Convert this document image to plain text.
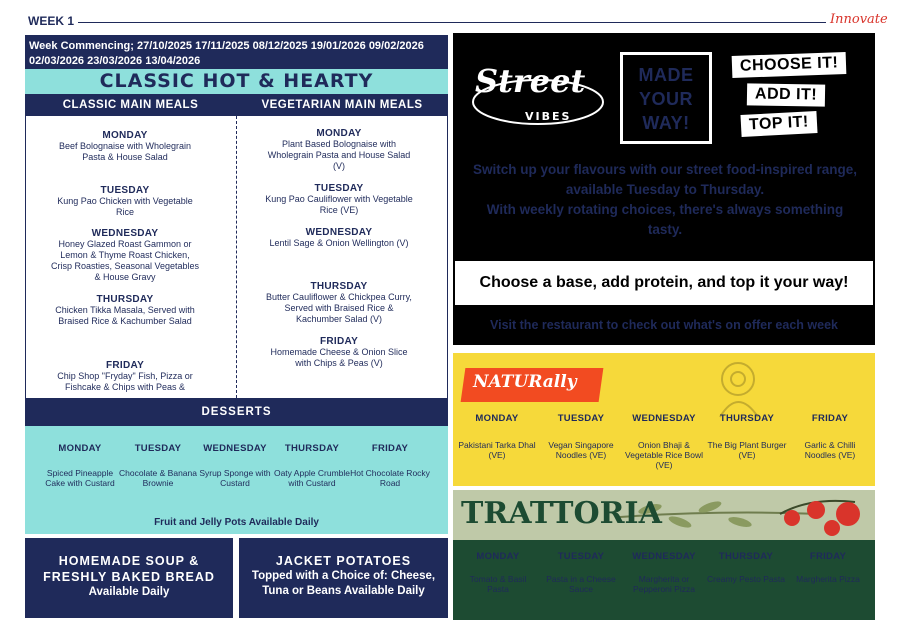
WEEK 1	Innovate
Week Commencing; 27/10/2025 17/11/2025 08/12/2025 19/01/2026 09/02/2026
02/03/2026 23/03/2026 13/04/2026
CLASSIC HOT & HEARTY
CLASSIC MAIN MEALS	VEGETARIAN MAIN MEALS
MONDAY
Beef Bolognaise with Wholegrain Pasta & House Salad
TUESDAY
Kung Pao Chicken with Vegetable Rice
WEDNESDAY
Honey Glazed Roast Gammon or Lemon & Thyme Roast Chicken, Crisp Roasties, Seasonal Vegetables & House Gravy
THURSDAY
Chicken Tikka Masala, Served with Braised Rice & Kachumber Salad
FRIDAY
Chip Shop "Fryday" Fish, Pizza or Fishcake & Chips with Peas &
MONDAY
Plant Based Bolognaise with Wholegrain Pasta and House Salad (V)
TUESDAY
Kung Pao Cauliflower with Vegetable Rice (VE)
WEDNESDAY
Lentil Sage & Onion Wellington (V)
THURSDAY
Butter Cauliflower & Chickpea Curry, Served with Braised Rice & Kachumber Salad (V)
FRIDAY
Homemade Cheese & Onion Slice with Chips & Peas (V)
DESSERTS
MONDAY
Spiced Pineapple Cake with Custard
TUESDAY
Chocolate & Banana Brownie
WEDNESDAY
Syrup Sponge with Custard
THURSDAY
Oaty Apple Crumble with Custard
FRIDAY
Hot Chocolate Rocky Road
Fruit and Jelly Pots Available Daily
HOMEMADE SOUP &
FRESHLY BAKED BREAD
Available Daily
JACKET POTATOES
Topped with a Choice of: Cheese,
Tuna or Beans Available Daily
Street
VIBES
MADE
YOUR
WAY!
CHOOSE IT!
ADD IT!
TOP IT!
Switch up your flavours with our street food-inspired range, available Tuesday to Thursday.
With weekly rotating choices, there's always something tasty.
Choose a base, add protein, and top it your way!
Visit the restaurant to check out what's on offer each week
NATURally
MONDAY
Pakistani Tarka Dhal (VE)
TUESDAY
Vegan Singapore Noodles (VE)
WEDNESDAY
Onion Bhaji & Vegetable Rice Bowl (VE)
THURSDAY
The Big Plant Burger (VE)
FRIDAY
Garlic & Chilli Noodles (VE)
TRATTORIA
MONDAY
Tomato & Basil Pasta
TUESDAY
Pasta in a Cheese Sauce
WEDNESDAY
Margherita or Pepperoni Pizza
THURSDAY
Creamy Pesto Pasta
FRIDAY
Margherita Pizza
